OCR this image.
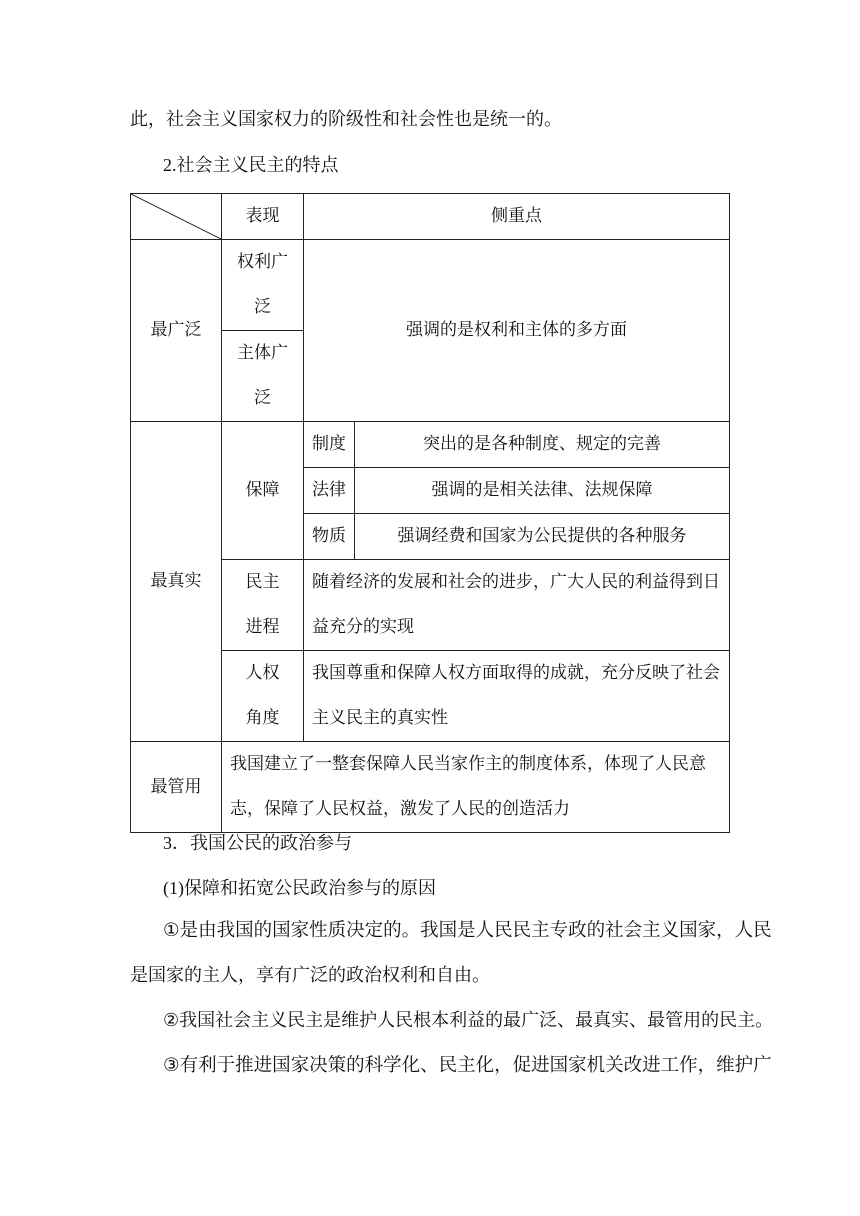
此，社会主义国家权力的阶级性和社会性也是统一的。
2.社会主义民主的特点
	表现	侧重点	
最广泛	权利广泛	强调的是权利和主体的多方面	
	主体广泛		
最真实	保障	制度	突出的是各种制度、规定的完善
		法律	强调的是相关法律、法规保障
		物质	强调经费和国家为公民提供的各种服务
	民主进程	随着经济的发展和社会的进步，广大人民的利益得到日益充分的实现	
	人权角度	我国尊重和保障人权方面取得的成就，充分反映了社会主义民主的真实性	
最管用	我国建立了一整套保障人民当家作主的制度体系，体现了人民意志，保障了人民权益，激发了人民的创造活力		
3．我国公民的政治参与
(1)保障和拓宽公民政治参与的原因
①是由我国的国家性质决定的。我国是人民民主专政的社会主义国家，人民
是国家的主人，享有广泛的政治权利和自由。
②我国社会主义民主是维护人民根本利益的最广泛、最真实、最管用的民主。
③有利于推进国家决策的科学化、民主化，促进国家机关改进工作，维护广
